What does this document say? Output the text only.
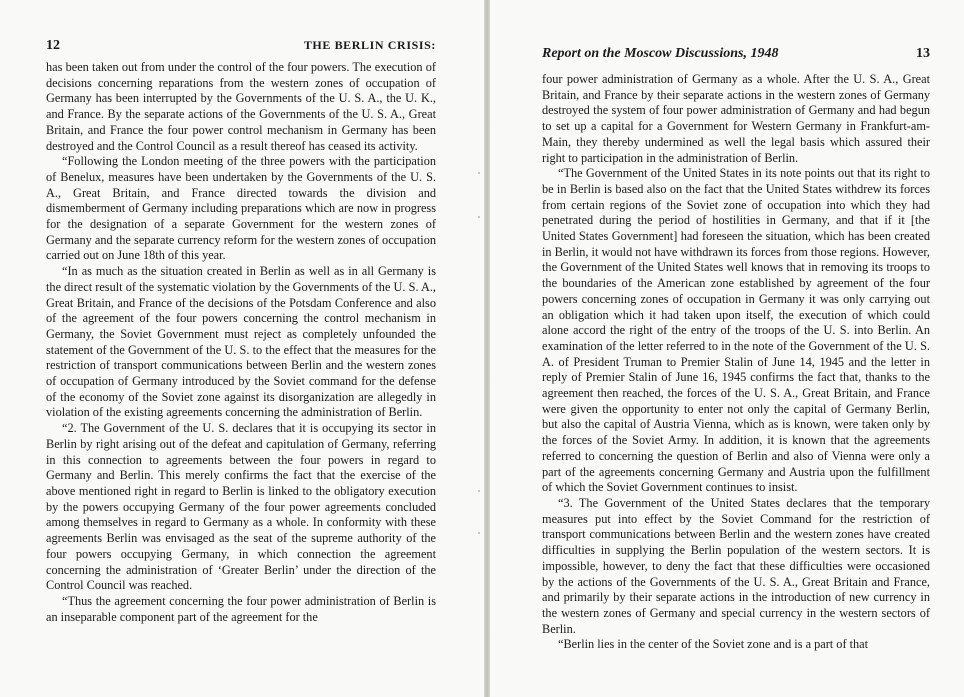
12	THE BERLIN CRISIS:

has been taken out from under the control of the four powers. The execution of decisions concerning reparations from the western zones of occupation of Germany has been interrupted by the Governments of the U. S. A., the U. K., and France. By the separate actions of the Governments of the U. S. A., Great Britain, and France the four power control mechanism in Germany has been destroyed and the Control Council as a result thereof has ceased its activity.

“Following the London meeting of the three powers with the participation of Benelux, measures have been undertaken by the Governments of the U. S. A., Great Britain, and France directed towards the division and dismemberment of Germany including preparations which are now in progress for the designation of a separate Government for the western zones of Germany and the separate currency reform for the western zones of occupation carried out on June 18th of this year.

“In as much as the situation created in Berlin as well as in all Germany is the direct result of the systematic violation by the Governments of the U. S. A., Great Britain, and France of the decisions of the Potsdam Conference and also of the agreement of the four powers concerning the control mechanism in Germany, the Soviet Government must reject as completely unfounded the statement of the Government of the U. S. to the effect that the measures for the restriction of transport communications between Berlin and the western zones of occupation of Germany introduced by the Soviet command for the defense of the economy of the Soviet zone against its disorganization are allegedly in violation of the existing agreements concerning the administration of Berlin.

“2. The Government of the U. S. declares that it is occupying its sector in Berlin by right arising out of the defeat and capitulation of Germany, referring in this connection to agreements between the four powers in regard to Germany and Berlin. This merely confirms the fact that the exercise of the above mentioned right in regard to Berlin is linked to the obligatory execution by the powers occupying Germany of the four power agreements concluded among themselves in regard to Germany as a whole. In conformity with these agreements Berlin was envisaged as the seat of the supreme authority of the four powers occupying Germany, in which connection the agreement concerning the administration of ‘Greater Berlin’ under the direction of the Control Council was reached.

“Thus the agreement concerning the four power administration of Berlin is an inseparable component part of the agreement for the

Report on the Moscow Discussions, 1948	13

four power administration of Germany as a whole. After the U. S. A., Great Britain, and France by their separate actions in the western zones of Germany destroyed the system of four power administration of Germany and had begun to set up a capital for a Government for Western Germany in Frankfurt-am-Main, they thereby undermined as well the legal basis which assured their right to participation in the administration of Berlin.

“The Government of the United States in its note points out that its right to be in Berlin is based also on the fact that the United States withdrew its forces from certain regions of the Soviet zone of occupation into which they had penetrated during the period of hostilities in Germany, and that if it [the United States Government] had foreseen the situation, which has been created in Berlin, it would not have withdrawn its forces from those regions. However, the Government of the United States well knows that in removing its troops to the boundaries of the American zone established by agreement of the four powers concerning zones of occupation in Germany it was only carrying out an obligation which it had taken upon itself, the execution of which could alone accord the right of the entry of the troops of the U. S. into Berlin. An examination of the letter referred to in the note of the Government of the U. S. A. of President Truman to Premier Stalin of June 14, 1945 and the letter in reply of Premier Stalin of June 16, 1945 confirms the fact that, thanks to the agreement then reached, the forces of the U. S. A., Great Britain, and France were given the opportunity to enter not only the capital of Germany Berlin, but also the capital of Austria Vienna, which as is known, were taken only by the forces of the Soviet Army. In addition, it is known that the agreements referred to concerning the question of Berlin and also of Vienna were only a part of the agreements concerning Germany and Austria upon the fulfillment of which the Soviet Government continues to insist.

“3. The Government of the United States declares that the temporary measures put into effect by the Soviet Command for the restriction of transport communications between Berlin and the western zones have created difficulties in supplying the Berlin population of the western sectors. It is impossible, however, to deny the fact that these difficulties were occasioned by the actions of the Governments of the U. S. A., Great Britain and France, and primarily by their separate actions in the introduction of new currency in the western zones of Germany and special currency in the western sectors of Berlin.

“Berlin lies in the center of the Soviet zone and is a part of that
